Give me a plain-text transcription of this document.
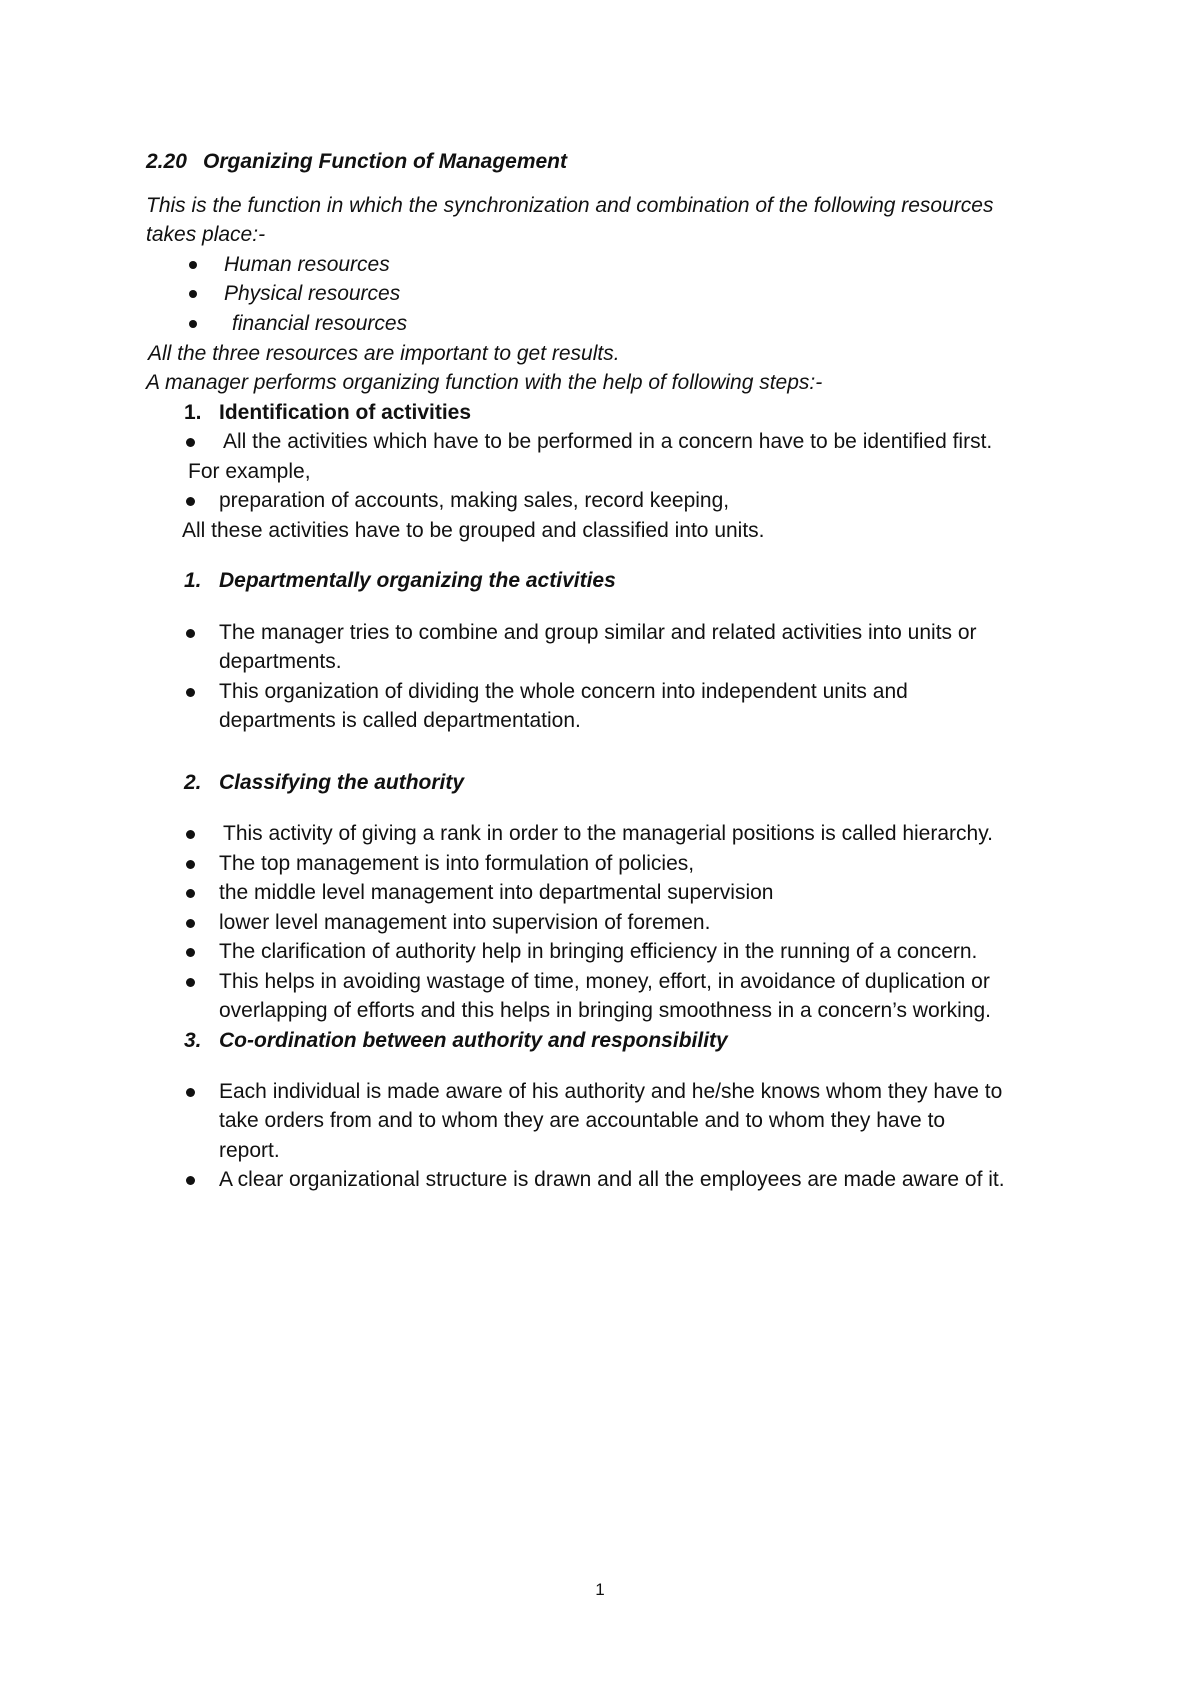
2.20 Organizing Function of Management
This is the function in which the synchronization and combination of the following resources
takes place:-
Human resources
Physical resources
financial resources
All the three resources are important to get results.
A manager performs organizing function with the help of following steps:-
1. Identification of activities
All the activities which have to be performed in a concern have to be identified first.
For example,
preparation of accounts, making sales, record keeping,
All these activities have to be grouped and classified into units.
1. Departmentally organizing the activities
The manager tries to combine and group similar and related activities into units or
departments.
This organization of dividing the whole concern into independent units and
departments is called departmentation.
2. Classifying the authority
This activity of giving a rank in order to the managerial positions is called hierarchy.
The top management is into formulation of policies,
the middle level management into departmental supervision
lower level management into supervision of foremen.
The clarification of authority help in bringing efficiency in the running of a concern.
This helps in avoiding wastage of time, money, effort, in avoidance of duplication or
overlapping of efforts and this helps in bringing smoothness in a concern’s working.
3. Co-ordination between authority and responsibility
Each individual is made aware of his authority and he/she knows whom they have to
take orders from and to whom they are accountable and to whom they have to
report.
A clear organizational structure is drawn and all the employees are made aware of it.
1
